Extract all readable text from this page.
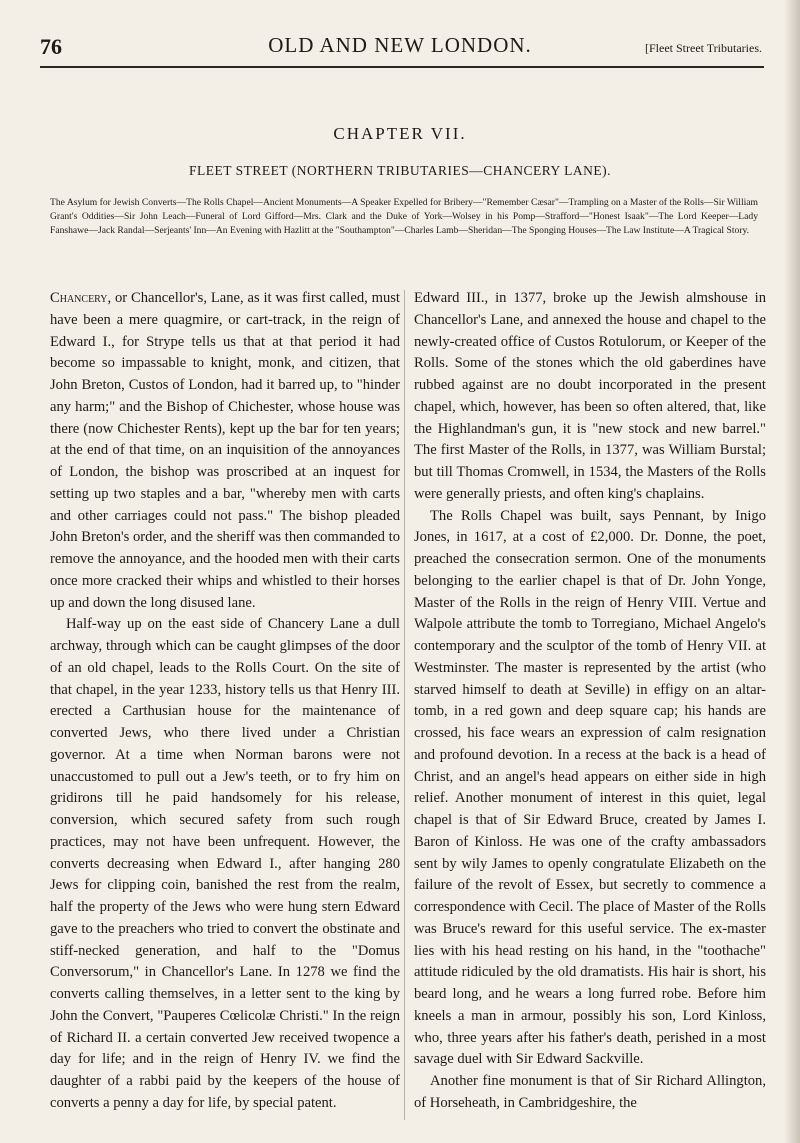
76	OLD AND NEW LONDON.	[Fleet Street Tributaries.
CHAPTER VII.
FLEET STREET (NORTHERN TRIBUTARIES—CHANCERY LANE).
The Asylum for Jewish Converts—The Rolls Chapel—Ancient Monuments—A Speaker Expelled for Bribery—"Remember Cæsar"—Trampling on a Master of the Rolls—Sir William Grant's Oddities—Sir John Leach—Funeral of Lord Gifford—Mrs. Clark and the Duke of York—Wolsey in his Pomp—Strafford—"Honest Isaak"—The Lord Keeper—Lady Fanshawe—Jack Randal—Serjeants' Inn—An Evening with Hazlitt at the "Southampton"—Charles Lamb—Sheridan—The Sponging Houses—The Law Institute—A Tragical Story.

Chancery, or Chancellor's, Lane, as it was first called, must have been a mere quagmire, or cart-track, in the reign of Edward I., for Strype tells us that at that period it had become so impassable to knight, monk, and citizen, that John Breton, Custos of London, had it barred up, to "hinder any harm;" and the Bishop of Chichester, whose house was there (now Chichester Rents), kept up the bar for ten years; at the end of that time, on an inquisition of the annoyances of London, the bishop was proscribed at an inquest for setting up two staples and a bar, "whereby men with carts and other carriages could not pass." The bishop pleaded John Breton's order, and the sheriff was then commanded to remove the annoyance, and the hooded men with their carts once more cracked their whips and whistled to their horses up and down the long disused lane.

Half-way up on the east side of Chancery Lane a dull archway, through which can be caught glimpses of the door of an old chapel, leads to the Rolls Court. On the site of that chapel, in the year 1233, history tells us that Henry III. erected a Carthusian house for the maintenance of converted Jews, who there lived under a Christian governor. At a time when Norman barons were not unaccustomed to pull out a Jew's teeth, or to fry him on gridirons till he paid handsomely for his release, conversion, which secured safety from such rough practices, may not have been unfrequent. However, the converts decreasing when Edward I., after hanging 280 Jews for clipping coin, banished the rest from the realm, half the property of the Jews who were hung stern Edward gave to the preachers who tried to convert the obstinate and stiff-necked generation, and half to the "Domus Conversorum," in Chancellor's Lane. In 1278 we find the converts calling themselves, in a letter sent to the king by John the Convert, "Pauperes Cœlicolæ Christi." In the reign of Richard II. a certain converted Jew received twopence a day for life; and in the reign of Henry IV. we find the daughter of a rabbi paid by the keepers of the house of converts a penny a day for life, by special patent.

Edward III., in 1377, broke up the Jewish almshouse in Chancellor's Lane, and annexed the house and chapel to the newly-created office of Custos Rotulorum, or Keeper of the Rolls. Some of the stones which the old gaberdines have rubbed against are no doubt incorporated in the present chapel, which, however, has been so often altered, that, like the Highlandman's gun, it is "new stock and new barrel." The first Master of the Rolls, in 1377, was William Burstal; but till Thomas Cromwell, in 1534, the Masters of the Rolls were generally priests, and often king's chaplains.

The Rolls Chapel was built, says Pennant, by Inigo Jones, in 1617, at a cost of £2,000. Dr. Donne, the poet, preached the consecration sermon. One of the monuments belonging to the earlier chapel is that of Dr. John Yonge, Master of the Rolls in the reign of Henry VIII. Vertue and Walpole attribute the tomb to Torregiano, Michael Angelo's contemporary and the sculptor of the tomb of Henry VII. at Westminster. The master is represented by the artist (who starved himself to death at Seville) in effigy on an altar-tomb, in a red gown and deep square cap; his hands are crossed, his face wears an expression of calm resignation and profound devotion. In a recess at the back is a head of Christ, and an angel's head appears on either side in high relief. Another monument of interest in this quiet, legal chapel is that of Sir Edward Bruce, created by James I. Baron of Kinloss. He was one of the crafty ambassadors sent by wily James to openly congratulate Elizabeth on the failure of the revolt of Essex, but secretly to commence a correspondence with Cecil. The place of Master of the Rolls was Bruce's reward for this useful service. The ex-master lies with his head resting on his hand, in the "toothache" attitude ridiculed by the old dramatists. His hair is short, his beard long, and he wears a long furred robe. Before him kneels a man in armour, possibly his son, Lord Kinloss, who, three years after his father's death, perished in a most savage duel with Sir Edward Sackville.

Another fine monument is that of Sir Richard Allington, of Horseheath, in Cambridgeshire, the
